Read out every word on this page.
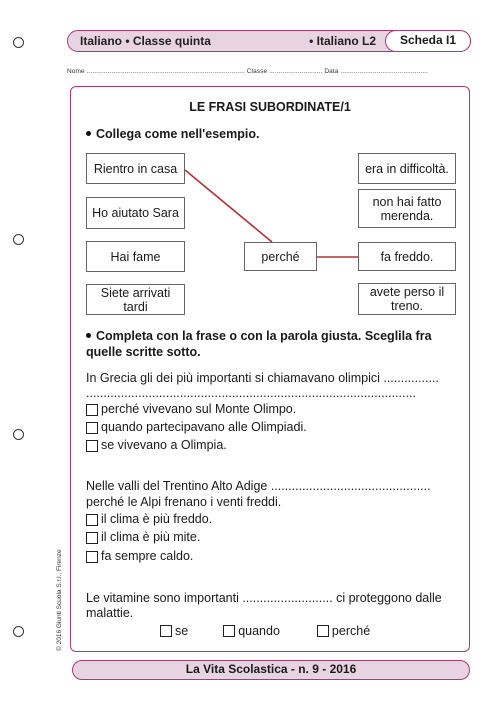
Italiano • Classe quinta	• Italiano L2	Scheda I1
Nome ................................................................................... Classe ............................ Data ..............................................
LE FRASI SUBORDINATE/1
Collega come nell'esempio.
Rientro in casa
Ho aiutato Sara
Hai fame
Siete arrivati tardi
perché
era in difficoltà.
non hai fatto merenda.
fa freddo.
avete perso il treno.
Completa con la frase o con la parola giusta. Sceglila fra quelle scritte sotto.
In Grecia gli dei più importanti si chiamavano olimpici ................
...............................................................................................
perché vivevano sul Monte Olimpo.
quando partecipavano alle Olimpiadi.
se vivevano a Olimpia.
Nelle valli del Trentino Alto Adige ..............................................
perché le Alpi frenano i venti freddi.
il clima è più freddo.
il clima è più mite.
fa sempre caldo.
Le vitamine sono importanti .......................... ci proteggono dalle
malattie.
se	quando	perché
© 2016 Giunti Scuola S.r.l., Firenze
La Vita Scolastica - n. 9 - 2016
